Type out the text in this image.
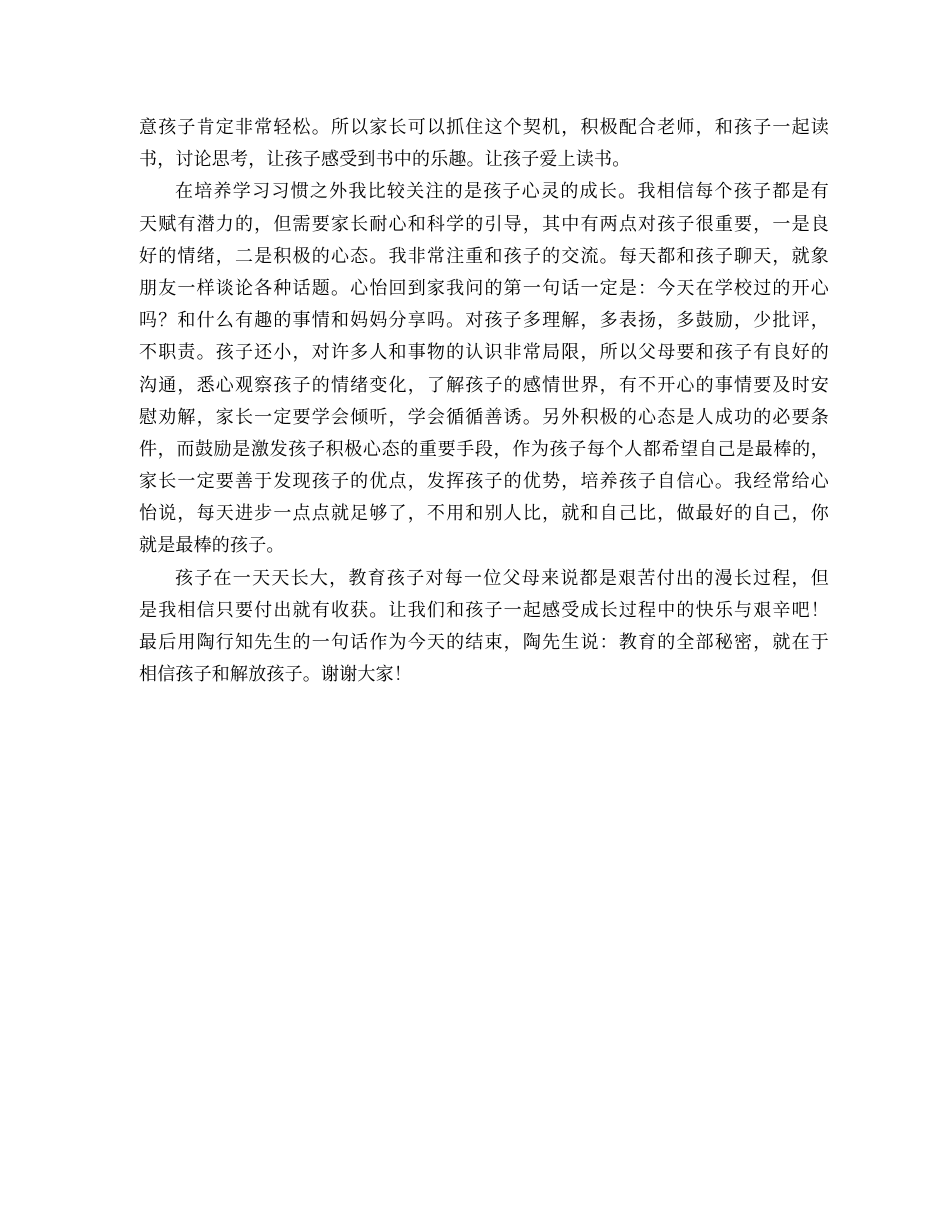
意孩子肯定非常轻松。所以家长可以抓住这个契机，积极配合老师，和孩子一起读
书，讨论思考，让孩子感受到书中的乐趣。让孩子爱上读书。
在培养学习习惯之外我比较关注的是孩子心灵的成长。我相信每个孩子都是有
天赋有潜力的，但需要家长耐心和科学的引导，其中有两点对孩子很重要，一是良
好的情绪，二是积极的心态。我非常注重和孩子的交流。每天都和孩子聊天，就象
朋友一样谈论各种话题。心怡回到家我问的第一句话一定是：今天在学校过的开心
吗？和什么有趣的事情和妈妈分享吗。对孩子多理解，多表扬，多鼓励，少批评，
不职责。孩子还小，对许多人和事物的认识非常局限，所以父母要和孩子有良好的
沟通，悉心观察孩子的情绪变化，了解孩子的感情世界，有不开心的事情要及时安
慰劝解，家长一定要学会倾听，学会循循善诱。另外积极的心态是人成功的必要条
件，而鼓励是激发孩子积极心态的重要手段，作为孩子每个人都希望自己是最棒的，
家长一定要善于发现孩子的优点，发挥孩子的优势，培养孩子自信心。我经常给心
怡说，每天进步一点点就足够了，不用和别人比，就和自己比，做最好的自己，你
就是最棒的孩子。
孩子在一天天长大，教育孩子对每一位父母来说都是艰苦付出的漫长过程，但
是我相信只要付出就有收获。让我们和孩子一起感受成长过程中的快乐与艰辛吧！
最后用陶行知先生的一句话作为今天的结束，陶先生说：教育的全部秘密，就在于
相信孩子和解放孩子。谢谢大家！
